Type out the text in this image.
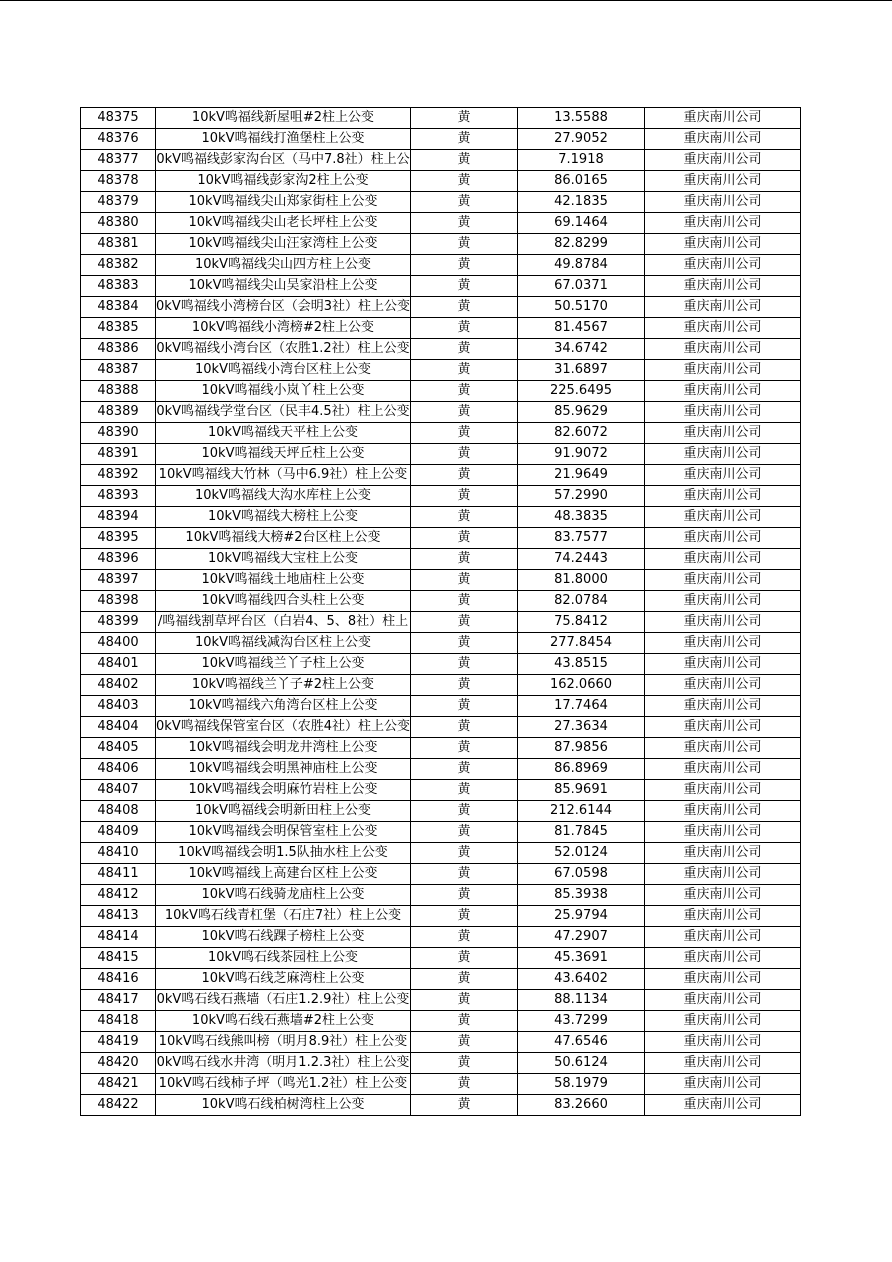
48375	10kV鸣福线新屋咀#2柱上公变	黄	13.5588	重庆南川公司
48376	10kV鸣福线打渔堡柱上公变	黄	27.9052	重庆南川公司
48377	0kV鸣福线彭家沟台区（马中7.8社）柱上公	黄	7.1918	重庆南川公司
48378	10kV鸣福线彭家沟2柱上公变	黄	86.0165	重庆南川公司
48379	10kV鸣福线尖山郑家街柱上公变	黄	42.1835	重庆南川公司
48380	10kV鸣福线尖山老长坪柱上公变	黄	69.1464	重庆南川公司
48381	10kV鸣福线尖山汪家湾柱上公变	黄	82.8299	重庆南川公司
48382	10kV鸣福线尖山四方柱上公变	黄	49.8784	重庆南川公司
48383	10kV鸣福线尖山吴家沿柱上公变	黄	67.0371	重庆南川公司
48384	0kV鸣福线小湾榜台区（会明3社）柱上公变	黄	50.5170	重庆南川公司
48385	10kV鸣福线小湾榜#2柱上公变	黄	81.4567	重庆南川公司
48386	0kV鸣福线小湾台区（农胜1.2社）柱上公变	黄	34.6742	重庆南川公司
48387	10kV鸣福线小湾台区柱上公变	黄	31.6897	重庆南川公司
48388	10kV鸣福线小岚丫柱上公变	黄	225.6495	重庆南川公司
48389	0kV鸣福线学堂台区（民丰4.5社）柱上公变	黄	85.9629	重庆南川公司
48390	10kV鸣福线天平柱上公变	黄	82.6072	重庆南川公司
48391	10kV鸣福线天坪丘柱上公变	黄	91.9072	重庆南川公司
48392	10kV鸣福线大竹林（马中6.9社）柱上公变	黄	21.9649	重庆南川公司
48393	10kV鸣福线大沟水库柱上公变	黄	57.2990	重庆南川公司
48394	10kV鸣福线大榜柱上公变	黄	48.3835	重庆南川公司
48395	10kV鸣福线大榜#2台区柱上公变	黄	83.7577	重庆南川公司
48396	10kV鸣福线大宝柱上公变	黄	74.2443	重庆南川公司
48397	10kV鸣福线土地庙柱上公变	黄	81.8000	重庆南川公司
48398	10kV鸣福线四合头柱上公变	黄	82.0784	重庆南川公司
48399	/鸣福线割草坪台区（白岩4、5、8社）柱上	黄	75.8412	重庆南川公司
48400	10kV鸣福线减沟台区柱上公变	黄	277.8454	重庆南川公司
48401	10kV鸣福线兰丫子柱上公变	黄	43.8515	重庆南川公司
48402	10kV鸣福线兰丫子#2柱上公变	黄	162.0660	重庆南川公司
48403	10kV鸣福线六角湾台区柱上公变	黄	17.7464	重庆南川公司
48404	0kV鸣福线保管室台区（农胜4社）柱上公变	黄	27.3634	重庆南川公司
48405	10kV鸣福线会明龙井湾柱上公变	黄	87.9856	重庆南川公司
48406	10kV鸣福线会明黑神庙柱上公变	黄	86.8969	重庆南川公司
48407	10kV鸣福线会明麻竹岩柱上公变	黄	85.9691	重庆南川公司
48408	10kV鸣福线会明新田柱上公变	黄	212.6144	重庆南川公司
48409	10kV鸣福线会明保管室柱上公变	黄	81.7845	重庆南川公司
48410	10kV鸣福线会明1.5队抽水柱上公变	黄	52.0124	重庆南川公司
48411	10kV鸣福线上高建台区柱上公变	黄	67.0598	重庆南川公司
48412	10kV鸣石线骑龙庙柱上公变	黄	85.3938	重庆南川公司
48413	10kV鸣石线青杠堡（石庄7社）柱上公变	黄	25.9794	重庆南川公司
48414	10kV鸣石线踝子榜柱上公变	黄	47.2907	重庆南川公司
48415	10kV鸣石线茶园柱上公变	黄	45.3691	重庆南川公司
48416	10kV鸣石线芝麻湾柱上公变	黄	43.6402	重庆南川公司
48417	0kV鸣石线石燕墙（石庄1.2.9社）柱上公变	黄	88.1134	重庆南川公司
48418	10kV鸣石线石燕墙#2柱上公变	黄	43.7299	重庆南川公司
48419	10kV鸣石线熊叫榜（明月8.9社）柱上公变	黄	47.6546	重庆南川公司
48420	0kV鸣石线水井湾（明月1.2.3社）柱上公变	黄	50.6124	重庆南川公司
48421	10kV鸣石线柿子坪（鸣光1.2社）柱上公变	黄	58.1979	重庆南川公司
48422	10kV鸣石线柏树湾柱上公变	黄	83.2660	重庆南川公司
